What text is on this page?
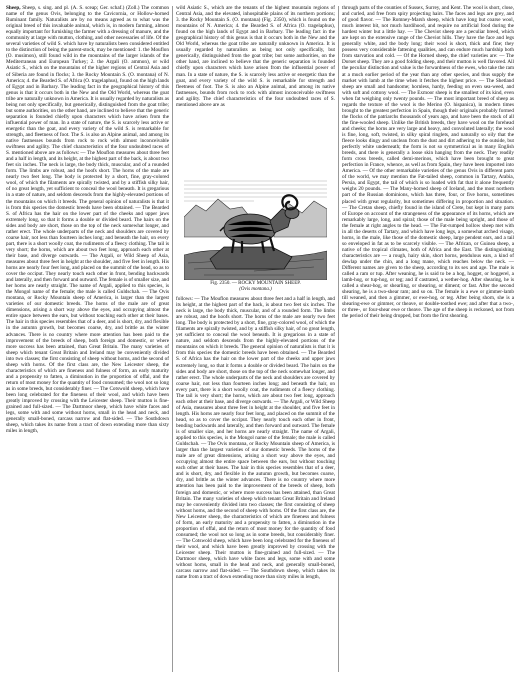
Sheep, Sheep, s. sing. and pl. (A. S. sceap; Ger. schaf.) (Zoll.) The common name of the genus Ovis, belonging to the Cavicornia, or Hollow-horned Ruminant family. Naturalists are by no means agreed as to what was the original breed of this invaluable animal, which is, in modern farming, almost equally important for furnishing the farmer with a dressing of manure, and the community at large with mutton, clothing, and other necessaries of life. Of the several varieties of wild S. which have by naturalists been considered entitled to the distinction of being the parent-stock, may be mentioned: 1. the Mouflon (O. musimon), still found wild in the mountains of the larger islands of the Mediterranean and European Turkey; 2. the Argali (O. ammon), or wild Asiatic S., which on the mountains of the higher regions of Central Asia and of Siberia are found in flocks; 3. the Rocky Mountain S. (O. montana) of N. America; 4. the Bearded S. of Africa (O. tragelaphus), found on the high lands of Egypt and in Barbary. The leading fact in the geographical history of this genus is that it occurs both in the New and the Old World, whereas the goat tribe are naturally unknown in America. It is usually regarded by naturalists as being not only specifically, but generically, distinguished from the goat tribe; but some authorities, on the other hand, are inclined to believe that the generic separation is founded chiefly upon characters which have arisen from the influential power of man. In a state of nature, the S. is scarcely less active or energetic than the goat, and every variety of the wild S. is remarkable for strength, and fleetness of foot. The S. is also an Alpine animal, and among its native fastnesses bounds from rock to rock with almost inconceivable swiftness and agility. The chief characteristics of the four undoubted races of S. mentioned above are as follows: — The Mouflon measures about three feet and a half in length, and its height, at the highest part of the back, is about two feet six inches. The neck is large, the body thick, muscular, and of a rounded form. The limbs are robust, and the hoofs short. The horns of the male are nearly two feet long. The body is protected by a short, fine, gray-colored wool, of which the filaments are spirally twisted, and by a stiffish silky hair, of no great length, yet sufficient to conceal the wool beneath. It is gregarious in a state of nature, and seldom descends from the highly-elevated portions of the mountains on which it breeds. The general opinion of naturalists is that it is from this species the domestic breeds have been obtained. — The Bearded S. of Africa has the hair on the lower part of the cheeks and upper jaws extremely long, so that it forms a double or divided beard. The hairs on the sides and body are short, those on the top of the neck somewhat longer, and rather erect. The whole underparts of the neck and shoulders are covered by coarse hair, not less than fourteen inches long; and beneath the hair, on every part, there is a short woolly coat, the rudiments of a fleecy clothing. The tail is very short; the horns, which are about two feet long, approach each other at their base, and diverge outwards. — The Argali, or Wild Sheep of Asia, measures about three feet in height at the shoulder, and five feet in length. His horns are nearly four feet long, and placed on the summit of the head, so as to cover the occiput. They nearly touch each other in front, bending backwards and laterally, and then forward and outward. The female is of smaller size, and her horns are nearly straight. The name of Argali, applied to this species, is the Mongol name of the female; the male is called Guldschah. — The Ovis montana, or Rocky Mountain sheep of America, is larger than the largest varieties of our domestic breeds. The horns of the male are of great dimensions, arising a short way above the eyes, and occupying almost the entire space between the ears, but without touching each other at their bases. The hair in this species resembles that of a deer, and is short, dry, and flexible in the autumn growth, but becomes coarse, dry, and brittle as the winter advances. There is no country where more attention has been paid to the improvement of the breeds of sheep, both foreign and domestic, or where more success has been attained, than Great Britain. The many varieties of sheep which tenant Great Britain and Ireland may be conveniently divided into two classes; the first consisting of sheep without horns, and the second of sheep with horns. Of the first class are, the New Leicester sheep, the characteristics of which are fineness and fulness of form, an early maturity and a propensity to fatten, a diminution in the proportion of offal, and the return of most money for the quantity of food consumed; the wool not so long as in some breeds, but considerably finer. — The Cotswold sheep, which have been long celebrated for the fineness of their wool, and which have been greatly improved by crossing with the Leicester sheep. Their mutton is fine-grained and full-sized. — The Dartmoor sheep, which have white faces and legs, some with and some without horns, small in the head and neck, and generally small-boned, carcass narrow and flat-sided. — The Southdown sheep, which takes its name from a tract of down extending more than sixty miles in length,

wild Asiatic S., which are the tenants of the highest mountain regions of Central Asia, and the elevated, inhospitable plains of its northern portions; 3. the Rocky Mountain S. (O. montana) (Fig. 2350), which is found on the mountains of N. America; 4. the Bearded S. of Africa (O. tragelaphus), found on the high lands of Egypt and in Barbary. The leading fact in the geographical history of this genus is that it occurs both in the New and the Old World, whereas the goat tribe are naturally unknown in America. It is usually regarded by naturalists as being not only specifically, but generically, distinguished from the goat tribe; but some authorities, on the other hand, are inclined to believe that the generic separation is founded chiefly upon characters which have arisen from the influential power of man. In a state of nature, the S. is scarcely less active or energetic than the goat, and every variety of the wild S. is remarkable for strength and fleetness of foot. The S. is also an Alpine animal, and among its native fastnesses, bounds from rock to rock with almost inconceivable swiftness and agility. The chief characteristics of the four undoubted races of S. mentioned above are as

Fig. 2350. — ROCKY MOUNTAIN SHEEP.
(Ovis montana.)

follows: — The Mouflon measures about three feet and a half in length, and its height, at the highest part of the back, is about two feet six inches. The neck is large, the body thick, muscular, and of a rounded form. The limbs are robust, and the hoofs short. The horns of the male are nearly two feet long. The body is protected by a short, fine, gray-colored wool, of which the filaments are spirally twisted, and by a stiffish silky hair, of no great length, yet sufficient to conceal the wool beneath. It is gregarious in a state of nature, and seldom descends from the highly-elevated portions of the mountains on which it breeds. The general opinion of naturalists is that it is from this species the domestic breeds have been obtained. — The Bearded S. of Africa has the hair on the lower part of the cheeks and upper jaws extremely long, so that it forms a double or divided beard. The hairs on the sides and body are short, those on the top of the neck somewhat longer, and rather erect. The whole underparts of the neck and shoulders are covered by coarse hair, not less than fourteen inches long; and beneath the hair, on every part, there is a short woolly coat, the rudiments of a fleecy clothing. The tail is very short; the horns, which are about two feet long, approach each other at their base, and diverge outwards. — The Argali, or Wild Sheep of Asia, measures about three feet in height at the shoulder, and five feet in length. His horns are nearly four feet long, and placed on the summit of the head, so as to cover the occiput. They nearly touch each other in front, bending backwards and laterally, and then forward and outward. The female is of smaller size, and her horns are nearly straight. The name of Argali, applied to this species, is the Mongol name of the female; the male is called Guldschah. — The Ovis montana, or Rocky Mountain sheep of America, is larger than the largest varieties of our domestic breeds. The horns of the male are of great dimensions, arising a short way above the eyes, and occupying almost the entire space between the ears, but without touching each other at their bases. The hair in this species resembles that of a deer, and is short, dry, and flexible in the autumn growth, but becomes coarse, dry, and brittle as the winter advances. There is no country where more attention has been paid to the improvement of the breeds of sheep, both foreign and domestic, or where more success has been attained, than Great Britain. The many varieties of sheep which tenant Great Britain and Ireland may be conveniently divided into two classes; the first consisting of sheep without horns, and the second of sheep with horns. Of the first class are, the New Leicester sheep, the characteristics of which are fineness and fulness of form, an early maturity and a propensity to fatten, a diminution in the proportion of offal, and the return of most money for the quantity of food consumed; the wool not so long as in some breeds, but considerably finer. — The Cotswold sheep, which have been long celebrated for the fineness of their wool, and which have been greatly improved by crossing with the Leicester sheep. Their mutton is fine-grained and full-sized. — The Dartmoor sheep, which have white faces and legs, some with and some without horns, small in the head and neck, and generally small-boned, carcass narrow and flat-sided. — The Southdown sheep, which takes its name from a tract of down extending more than sixty miles in length,

through parts of the counties of Sussex, Surrey, and Kent. The wool is short, close, and curled, and free from spiry projecting hairs. The faces and legs are grey, and of good flavor. — The Romney-Marsh sheep, which have long but coarse wool, much interest bit, not much hardihood, and require no artificial food during the hardest winter but a little hay. — The Cheviot sheep are a peculiar breed, which are kept on the extensive range of the Cheviot hills. They have the face and legs generally white, and the body long; their wool is short, thick and fine; they possess very considerable fattening qualities, and can endure much hardship both from starvation and cold. — Of the Horned sheep, the chief varieties are: — The Dorset sheep. They are a good folding sheep, and their mutton is well flavored. All the peculiar distinction and value is the forwardness of the ewes, who take the ram at a much earlier period of the year than any other species, and thus supply the market with lamb at the time when it fetches the highest price. — The Shetland sheep are small and handsome; hornless, hardy, feeding on even sea-weed, and with soft and cottony wool. — The Exmoor sheep is the smallest of its kind, even when fat weighing only twenty pounds. — The most important breed of sheep as regards the texture of the wool is the Merino (O. hispanica), in modern times brought to the greatest perfection in Spain, though their originals probably formed the flocks of the patriarchs thousands of years ago, and have been the stock of all the fine-wooled sheep. Unlike the British breeds, they have wool on the forehead and cheeks; the horns are very large and heavy, and convoluted laterally; the wool is fine, long, soft, twisted, in silky spiral ringlets, and naturally so oily that the fleece looks dingy and unclean from the dust and dirt adhering to the outside, but perfectly white underneath; the form is not so symmetrical as in many English breeds, and there is generally a loose skin hanging from the neck. They readily form cross breeds, called demi-merinos, which have been brought to great perfection in France, whence, as well as from Spain, they have been imported into America. — Of the other remarkable varieties of the genus Ovis in different parts of the world, we may mention the Fat-tailed sheep, common in Tartary, Arabia, Persia, and Egypt, the tail of which is so loaded with fat that it alone frequently weighs 20 pounds. — The Many-horned sheep of Iceland, and the most northern part of the Russian dominions, which has three, four, or five horns, sometimes placed with great regularity, but sometimes differing in proportion and situation. — The Cretan sheep, chiefly found in the island of Crete, but kept in many parts of Europe on account of the strangeness of the appearance of its horns, which are remarkably large, long, and spiral; those of the male being upright, and those of the female at right angles to the head. — The Fat-rumped hollow sheep met with in all the deserts of Tartary, and which have long legs, a somewhat arched visage, horns, in the male, like those of the domestic sheep, large pendent ears, and a tail so enveloped in fat as to be scarcely visible. — The African, or Guinea sheep, a native of the tropical climates, both of Africa and the East. The distinguishing characteristics are — a rough, hairy skin, short horns, pendulous ears, a kind of dewlap under the chin, and a long mane, which reaches below the neck. — Different names are given to the sheep, according to its sex and age. The male is called a ram or tup. After weaning, he is said to be a hog, hogget, or hoggerel, a lamb-hog, or tup-hog, or teg; and if castrated, a wether-hog. After shearing, he is called a shear-hog, or shearling, or shearing, or diment; or fast. After the second shearing, he is a two-shear ram; and so on. The female is a ewe or gimmer-lamb till weaned, and then a gimmer, or ewe-hog, or teg. After being shorn, she is a shearing-ewe or gimmer, or theave, or double-toothed ewe; and after that a two-, or three-, or four-shear ewe or theave. The age of the sheep is reckoned, not from the period of their being dropped, but from the first shearing.
